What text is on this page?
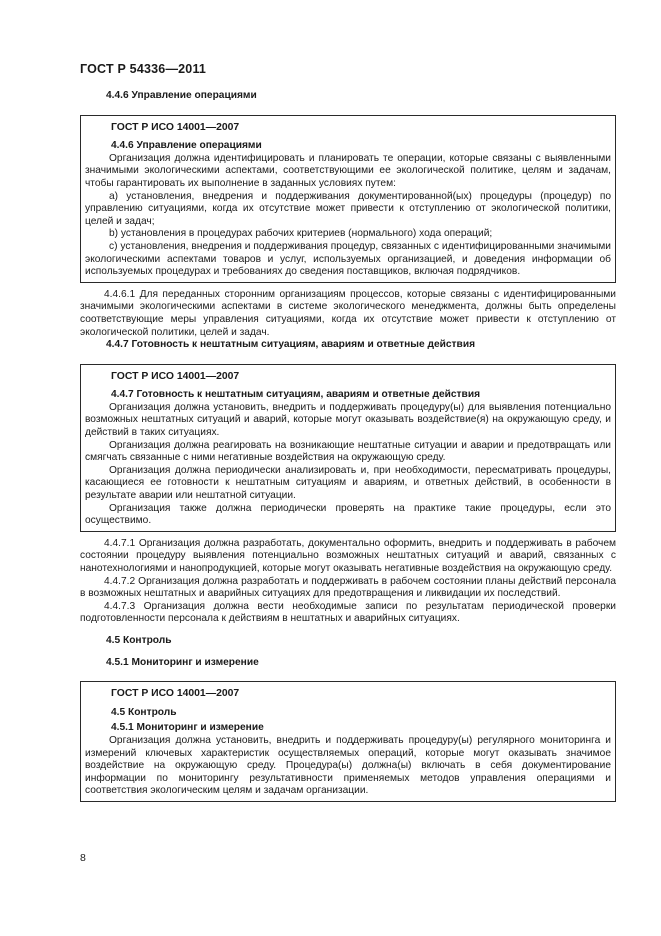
ГОСТ Р 54336—2011

4.4.6 Управление операциями

ГОСТ Р ИСО 14001—2007

4.4.6 Управление операциями

Организация должна идентифицировать и планировать те операции, которые связаны с выявленными значимыми экологическими аспектами, соответствующими ее экологической политике, целям и задачам, чтобы гарантировать их выполнение в заданных условиях путем:

а) установления, внедрения и поддерживания документированной(ых) процедуры (процедур) по управлению ситуациями, когда их отсутствие может привести к отступлению от экологической политики, целей и задач;

b) установления в процедурах рабочих критериев (нормального) хода операций;

с) установления, внедрения и поддерживания процедур, связанных с идентифицированными значимыми экологическими аспектами товаров и услуг, используемых организацией, и доведения информации об используемых процедурах и требованиях до сведения поставщиков, включая подрядчиков.

4.4.6.1 Для переданных сторонним организациям процессов, которые связаны с идентифицированными значимыми экологическими аспектами в системе экологического менеджмента, должны быть определены соответствующие меры управления ситуациями, когда их отсутствие может привести к отступлению от экологической политики, целей и задач.

4.4.7 Готовность к нештатным ситуациям, авариям и ответные действия

ГОСТ Р ИСО 14001—2007

4.4.7 Готовность к нештатным ситуациям, авариям и ответные действия

Организация должна установить, внедрить и поддерживать процедуру(ы) для выявления потенциально возможных нештатных ситуаций и аварий, которые могут оказывать воздействие(я) на окружающую среду, и действий в таких ситуациях.

Организация должна реагировать на возникающие нештатные ситуации и аварии и предотвращать или смягчать связанные с ними негативные воздействия на окружающую среду.

Организация должна периодически анализировать и, при необходимости, пересматривать процедуры, касающиеся ее готовности к нештатным ситуациям и авариям, и ответных действий, в особенности в результате аварии или нештатной ситуации.

Организация также должна периодически проверять на практике такие процедуры, если это осуществимо.

4.4.7.1 Организация должна разработать, документально оформить, внедрить и поддерживать в рабочем состоянии процедуру выявления потенциально возможных нештатных ситуаций и аварий, связанных с нанотехнологиями и нанопродукцией, которые могут оказывать негативные воздействия на окружающую среду.

4.4.7.2 Организация должна разработать и поддерживать в рабочем состоянии планы действий персонала в возможных нештатных и аварийных ситуациях для предотвращения и ликвидации их последствий.

4.4.7.3 Организация должна вести необходимые записи по результатам периодической проверки подготовленности персонала к действиям в нештатных и аварийных ситуациях.

4.5 Контроль

4.5.1 Мониторинг и измерение

ГОСТ Р ИСО 14001—2007

4.5 Контроль

4.5.1 Мониторинг и измерение

Организация должна установить, внедрить и поддерживать процедуру(ы) регулярного мониторинга и измерений ключевых характеристик осуществляемых операций, которые могут оказывать значимое воздействие на окружающую среду. Процедура(ы) должна(ы) включать в себя документирование информации по мониторингу результативности применяемых методов управления операциями и соответствия экологическим целям и задачам организации.

8
